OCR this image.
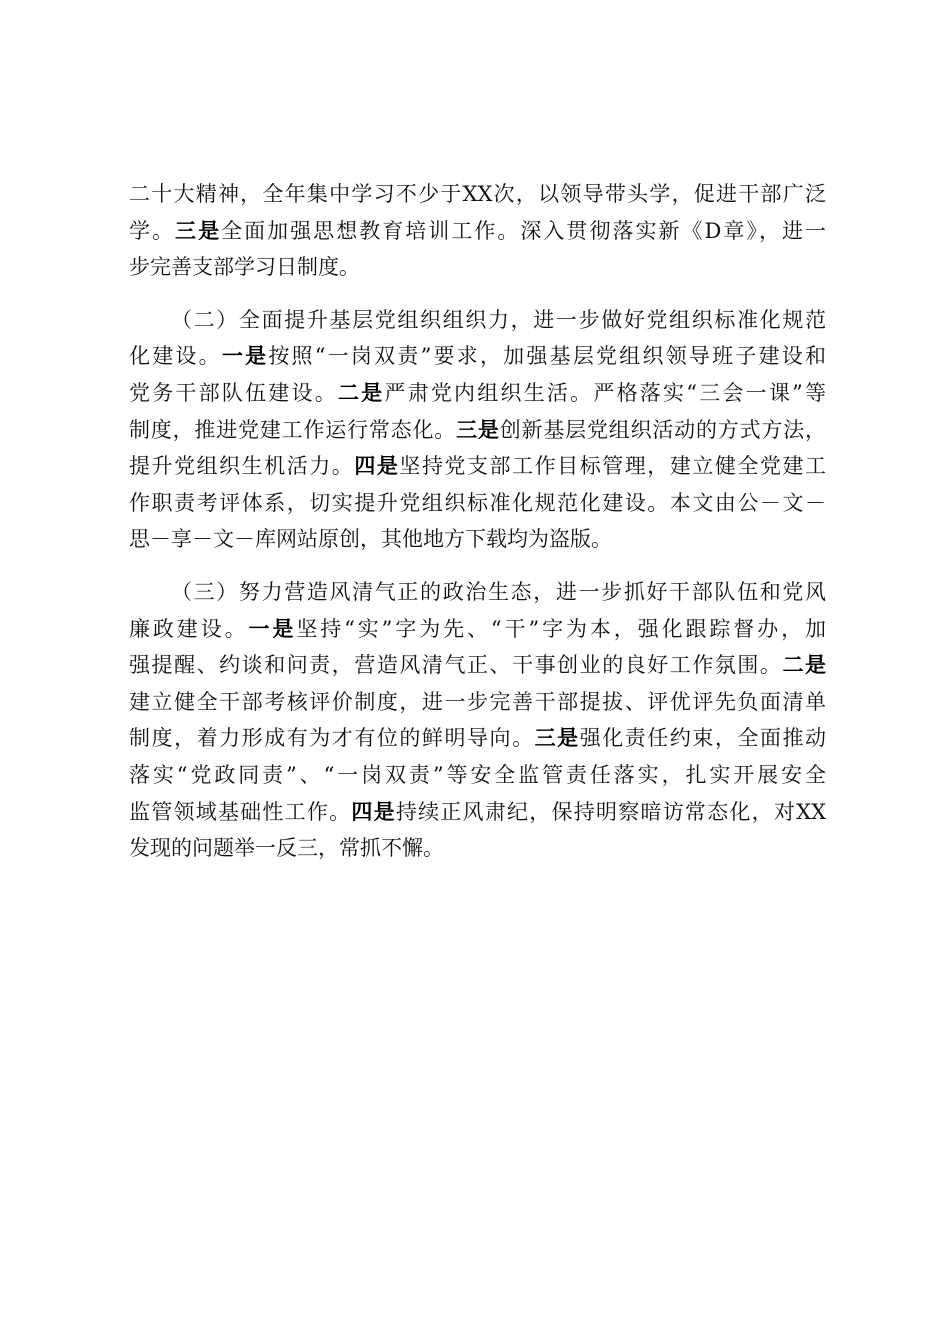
二十大精神，全年集中学习不少于XX次，以领导带头学，促进干部广泛
学。三是全面加强思想教育培训工作。深入贯彻落实新《D章》，进一
步完善支部学习日制度。
（二）全面提升基层党组织组织力，进一步做好党组织标准化规范
化建设。一是按照“一岗双责”要求，加强基层党组织领导班子建设和
党务干部队伍建设。二是严肃党内组织生活。严格落实“三会一课”等
制度，推进党建工作运行常态化。三是创新基层党组织活动的方式方法，
提升党组织生机活力。四是坚持党支部工作目标管理，建立健全党建工
作职责考评体系，切实提升党组织标准化规范化建设。本文由公－文－
思－享－文－库网站原创，其他地方下载均为盗版。
（三）努力营造风清气正的政治生态，进一步抓好干部队伍和党风
廉政建设。一是坚持“实”字为先、“干”字为本，强化跟踪督办，加
强提醒、约谈和问责，营造风清气正、干事创业的良好工作氛围。二是
建立健全干部考核评价制度，进一步完善干部提拔、评优评先负面清单
制度，着力形成有为才有位的鲜明导向。三是强化责任约束，全面推动
落实“党政同责”、“一岗双责”等安全监管责任落实，扎实开展安全
监管领域基础性工作。四是持续正风肃纪，保持明察暗访常态化，对XX
发现的问题举一反三，常抓不懈。
